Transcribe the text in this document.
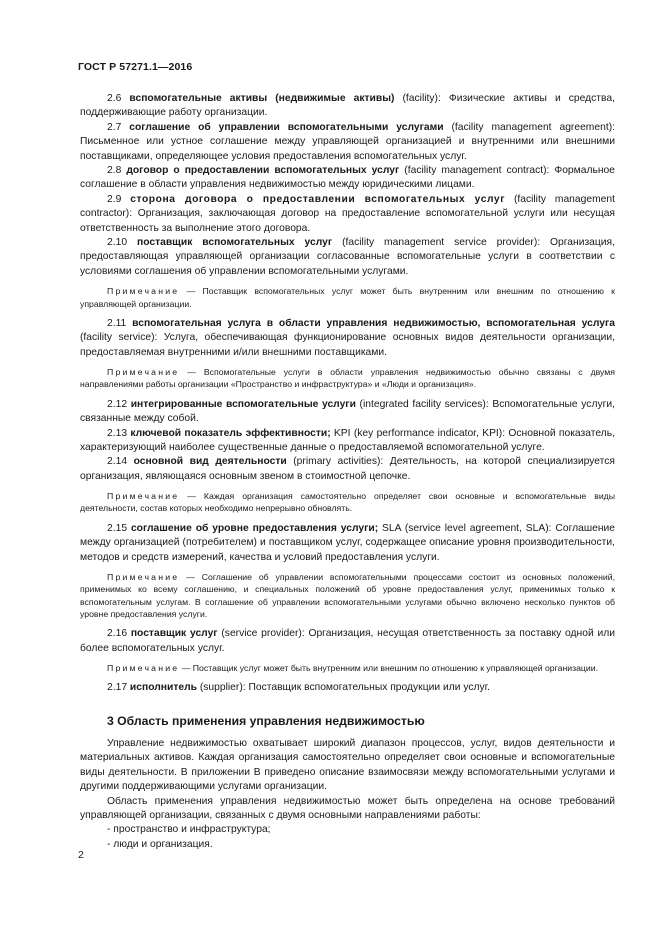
ГОСТ Р 57271.1—2016

2.6 вспомогательные активы (недвижимые активы) (facility): Физические активы и средства, поддерживающие работу организации.

2.7 соглашение об управлении вспомогательными услугами (facility management agreement): Письменное или устное соглашение между управляющей организацией и внутренними или внешними поставщиками, определяющее условия предоставления вспомогательных услуг.

2.8 договор о предоставлении вспомогательных услуг (facility management contract): Формальное соглашение в области управления недвижимостью между юридическими лицами.

2.9 сторона договора о предоставлении вспомогательных услуг (facility management contractor): Организация, заключающая договор на предоставление вспомогательной услуги или несущая ответственность за выполнение этого договора.

2.10 поставщик вспомогательных услуг (facility management service provider): Организация, предоставляющая управляющей организации согласованные вспомогательные услуги в соответствии с условиями соглашения об управлении вспомогательными услугами.

Примечание — Поставщик вспомогательных услуг может быть внутренним или внешним по отношению к управляющей организации.

2.11 вспомогательная услуга в области управления недвижимостью, вспомогательная услуга (facility service): Услуга, обеспечивающая функционирование основных видов деятельности организации, предоставляемая внутренними и/или внешними поставщиками.

Примечание — Вспомогательные услуги в области управления недвижимостью обычно связаны с двумя направлениями работы организации «Пространство и инфраструктура» и «Люди и организация».

2.12 интегрированные вспомогательные услуги (integrated facility services): Вспомогательные услуги, связанные между собой.

2.13 ключевой показатель эффективности; KPI (key performance indicator, KPI): Основной показатель, характеризующий наиболее существенные данные о предоставляемой вспомогательной услуге.

2.14 основной вид деятельности (primary activities): Деятельность, на которой специализируется организация, являющаяся основным звеном в стоимостной цепочке.

Примечание — Каждая организация самостоятельно определяет свои основные и вспомогательные виды деятельности, состав которых необходимо непрерывно обновлять.

2.15 соглашение об уровне предоставления услуги; SLA (service level agreement, SLA): Соглашение между организацией (потребителем) и поставщиком услуг, содержащее описание уровня производительности, методов и средств измерений, качества и условий предоставления услуги.

Примечание — Соглашение об управлении вспомогательными процессами состоит из основных положений, применимых ко всему соглашению, и специальных положений об уровне предоставления услуг, применимых только к вспомогательным услугам. В соглашение об управлении вспомогательными услугами обычно включено несколько пунктов об уровне предоставления услуги.

2.16 поставщик услуг (service provider): Организация, несущая ответственность за поставку одной или более вспомогательных услуг.

Примечание — Поставщик услуг может быть внутренним или внешним по отношению к управляющей организации.

2.17 исполнитель (supplier): Поставщик вспомогательных продукции или услуг.

3 Область применения управления недвижимостью

Управление недвижимостью охватывает широкий диапазон процессов, услуг, видов деятельности и материальных активов. Каждая организация самостоятельно определяет свои основные и вспомогательные виды деятельности. В приложении В приведено описание взаимосвязи между вспомогательными услугами и другими поддерживающими услугами организации.

Область применения управления недвижимостью может быть определена на основе требований управляющей организации, связанных с двумя основными направлениями работы:

- пространство и инфраструктура;

- люди и организация.

2
